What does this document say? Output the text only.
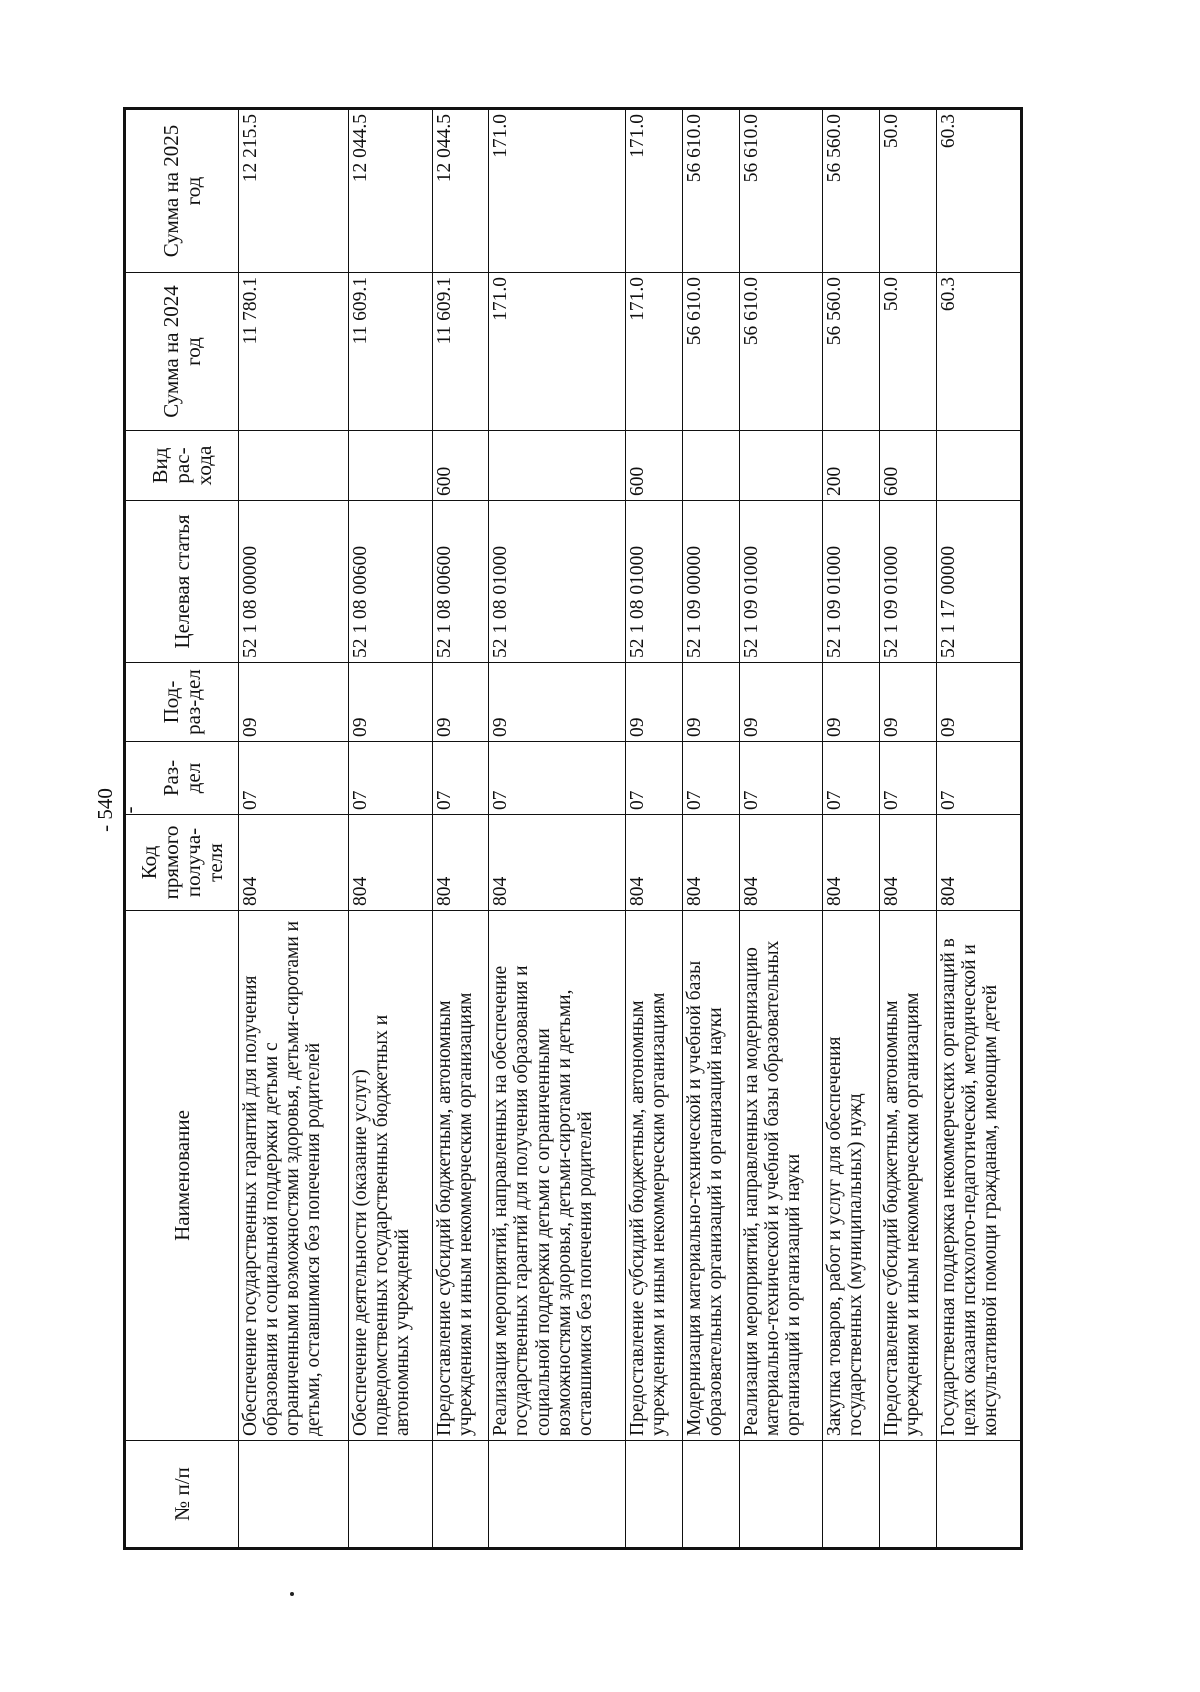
- 540 -
№ п/п	Наименование	Код прямого получа-теля	Раз-дел	Под-раз-дел	Целевая статья	Вид рас-хода	Сумма на 2024 год	Сумма на 2025 год
	Обеспечение государственных гарантий для получения образования и социальной поддержки детьми с ограниченными возможностями здоровья, детьми-сиротами и детьми, оставшимися без попечения родителей	804	07	09	52 1 08 00000		11 780.1	12 215.5
	Обеспечение деятельности (оказание услуг) подведомственных государственных бюджетных и автономных учреждений	804	07	09	52 1 08 00600		11 609.1	12 044.5
	Предоставление субсидий бюджетным, автономным учреждениям и иным некоммерческим организациям	804	07	09	52 1 08 00600	600	11 609.1	12 044.5
	Реализация мероприятий, направленных на обеспечение государственных гарантий для получения образования и социальной поддержки детьми с ограниченными возможностями здоровья, детьми-сиротами и детьми, оставшимися без попечения родителей	804	07	09	52 1 08 01000		171.0	171.0
	Предоставление субсидий бюджетным, автономным учреждениям и иным некоммерческим организациям	804	07	09	52 1 08 01000	600	171.0	171.0
	Модернизация материально-технической и учебной базы образовательных организаций и организаций науки	804	07	09	52 1 09 00000		56 610.0	56 610.0
	Реализация мероприятий, направленных на модернизацию материально-технической и учебной базы образовательных организаций и организаций науки	804	07	09	52 1 09 01000		56 610.0	56 610.0
	Закупка товаров, работ и услуг для обеспечения государственных (муниципальных) нужд	804	07	09	52 1 09 01000	200	56 560.0	56 560.0
	Предоставление субсидий бюджетным, автономным учреждениям и иным некоммерческим организациям	804	07	09	52 1 09 01000	600	50.0	50.0
	Государственная поддержка некоммерческих организаций в целях оказания психолого-педагогической, методической и консультативной помощи гражданам, имеющим детей	804	07	09	52 1 17 00000		60.3	60.3
